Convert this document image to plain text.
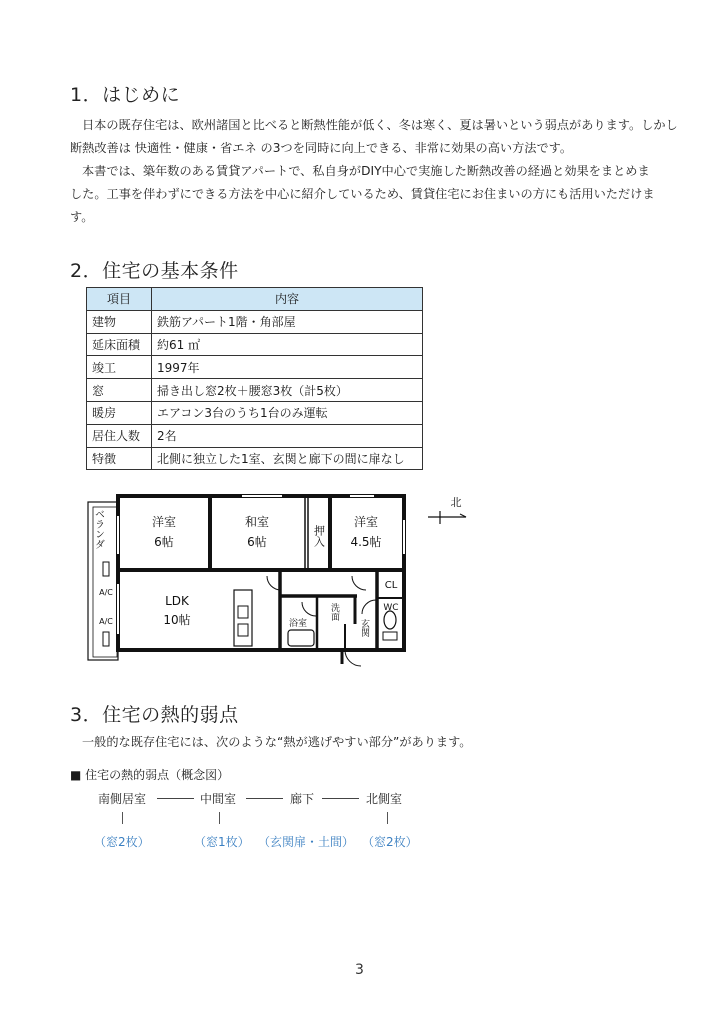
1．はじめに
日本の既存住宅は、欧州諸国と比べると断熱性能が低く、冬は寒く、夏は暑いという弱点があります。しかし
断熱改善は 快適性・健康・省エネ の3つを同時に向上できる、非常に効果の高い方法です。
本書では、築年数のある賃貸アパートで、私自身がDIY中心で実施した断熱改善の経過と効果をまとめま
した。工事を伴わずにできる方法を中心に紹介しているため、賃貸住宅にお住まいの方にも活用いただけま
す。
2．住宅の基本条件
項目	内容
建物	鉄筋アパート1階・角部屋
延床面積	約61 ㎡
竣工	1997年
窓	掃き出し窓2枚＋腰窓3枚（計5枚）
暖房	エアコン3台のうち1台のみ運転
居住人数	2名
特徴	北側に独立した1室、玄関と廊下の間に扉なし
洋室
6帖
和室
6帖	押入
洋室
4.5帖
LDK
10帖	浴室
洗面
玄関
CL
WC
ベランダ
A/C
A/C
北
3．住宅の熱的弱点
一般的な既存住宅には、次のような“熱が逃げやすい部分”があります。
■ 住宅の熱的弱点（概念図）
南側居室	中間室	廊下	北側室
（窓2枚）	（窓1枚） （玄関扉・土間） （窓2枚）
3
